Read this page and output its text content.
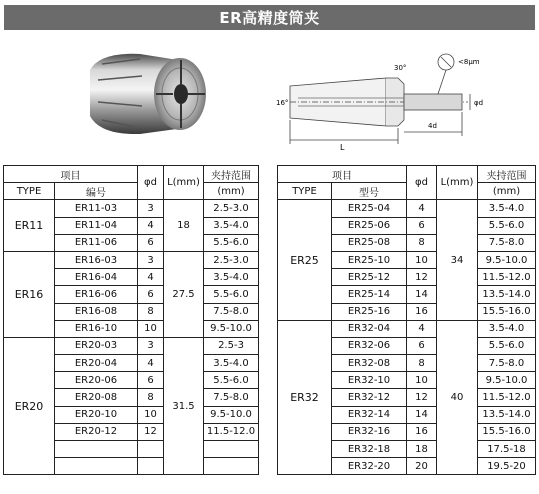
ER高精度筒夹
16°
30°
<8μm
φd
L
4d
项目		φd	L(mm)	夹持范围
TYPE	编号			(mm)
ER11	ER11-03	3	18	2.5-3.0
	ER11-04	4		3.5-4.0
	ER11-06	6		5.5-6.0
ER16	ER16-03	3	27.5	2.5-3.0
	ER16-04	4		3.5-4.0
	ER16-06	6		5.5-6.0
	ER16-08	8		7.5-8.0
	ER16-10	10		9.5-10.0
ER20	ER20-03	3	31.5	2.5-3
	ER20-04	4		3.5-4.0
	ER20-06	6		5.5-6.0
	ER20-08	8		7.5-8.0
	ER20-10	10		9.5-10.0
	ER20-12	12		11.5-12.0

项目		φd	L(mm)	夹持范围
TYPE	型号			(mm)
ER25	ER25-04	4	34	3.5-4.0
	ER25-06	6		5.5-6.0
	ER25-08	8		7.5-8.0
	ER25-10	10		9.5-10.0
	ER25-12	12		11.5-12.0
	ER25-14	14		13.5-14.0
	ER25-16	16		15.5-16.0
ER32	ER32-04	4	40	3.5-4.0
	ER32-06	6		5.5-6.0
	ER32-08	8		7.5-8.0
	ER32-10	10		9.5-10.0
	ER32-12	12		11.5-12.0
	ER32-14	14		13.5-14.0
	ER32-16	16		15.5-16.0
	ER32-18	18		17.5-18
	ER32-20	20		19.5-20
